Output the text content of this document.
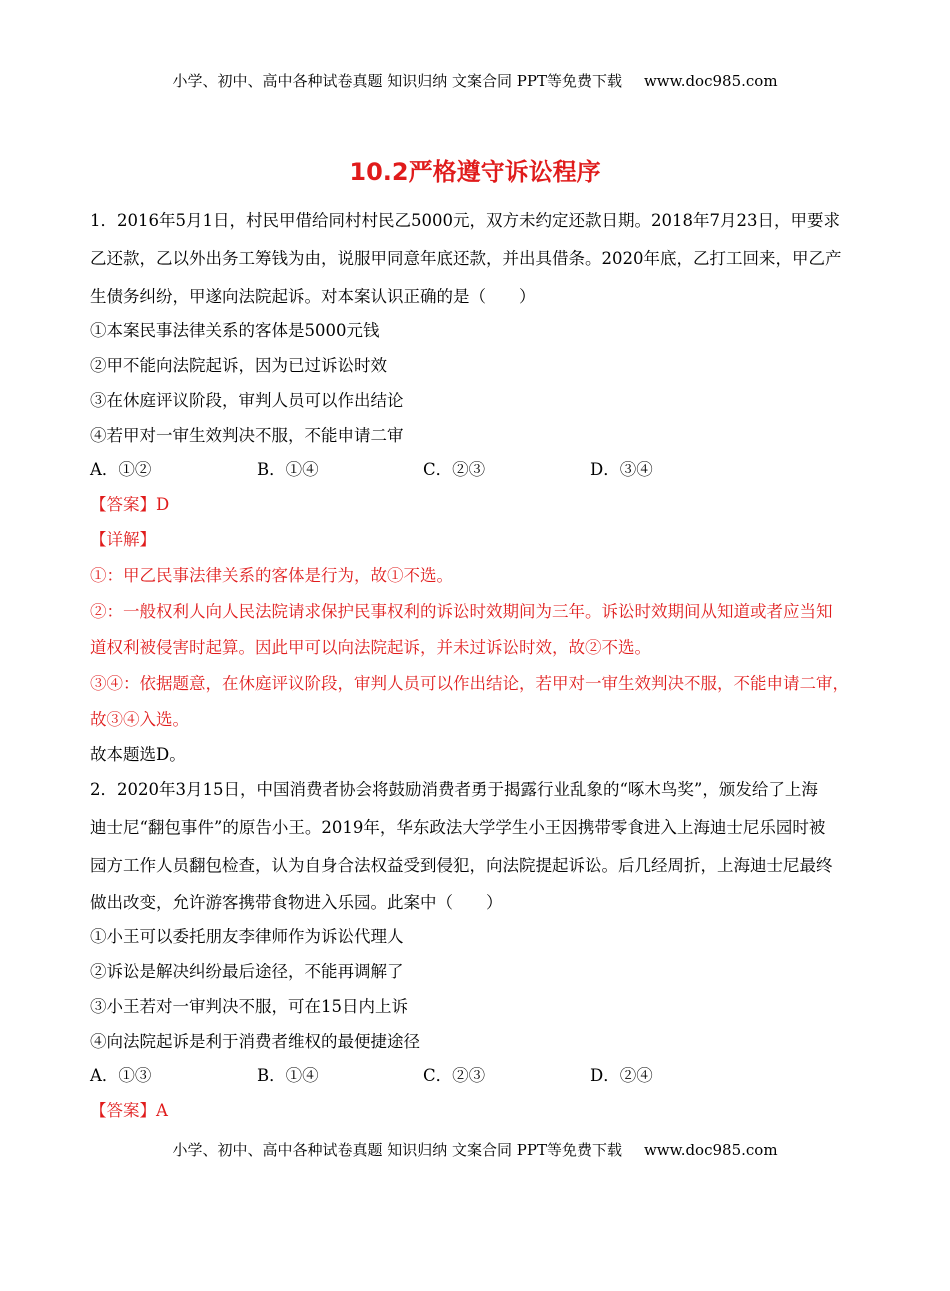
小学、初中、高中各种试卷真题 知识归纳 文案合同 PPT等免费下载 www.doc985.com
10.2严格遵守诉讼程序
1．2016年5月1日，村民甲借给同村村民乙5000元，双方未约定还款日期。2018年7月23日，甲要求
乙还款，乙以外出务工筹钱为由，说服甲同意年底还款，并出具借条。2020年底，乙打工回来，甲乙产
生债务纠纷，甲遂向法院起诉。对本案认识正确的是（　　）
①本案民事法律关系的客体是5000元钱
②甲不能向法院起诉，因为已过诉讼时效
③在休庭评议阶段，审判人员可以作出结论
④若甲对一审生效判决不服，不能申请二审
A．①②	B．①④	C．②③	D．③④
【答案】D
【详解】
①：甲乙民事法律关系的客体是行为，故①不选。
②：一般权利人向人民法院请求保护民事权利的诉讼时效期间为三年。诉讼时效期间从知道或者应当知
道权利被侵害时起算。因此甲可以向法院起诉，并未过诉讼时效，故②不选。
③④：依据题意，在休庭评议阶段，审判人员可以作出结论，若甲对一审生效判决不服，不能申请二审，
故③④入选。
故本题选D。
2．2020年3月15日，中国消费者协会将鼓励消费者勇于揭露行业乱象的“啄木鸟奖”，颁发给了上海
迪士尼“翻包事件”的原告小王。2019年，华东政法大学学生小王因携带零食进入上海迪士尼乐园时被
园方工作人员翻包检查，认为自身合法权益受到侵犯，向法院提起诉讼。后几经周折，上海迪士尼最终
做出改变，允许游客携带食物进入乐园。此案中（　　）
①小王可以委托朋友李律师作为诉讼代理人
②诉讼是解决纠纷最后途径，不能再调解了
③小王若对一审判决不服，可在15日内上诉
④向法院起诉是利于消费者维权的最便捷途径
A．①③	B．①④	C．②③	D．②④
【答案】A
小学、初中、高中各种试卷真题 知识归纳 文案合同 PPT等免费下载 www.doc985.com
